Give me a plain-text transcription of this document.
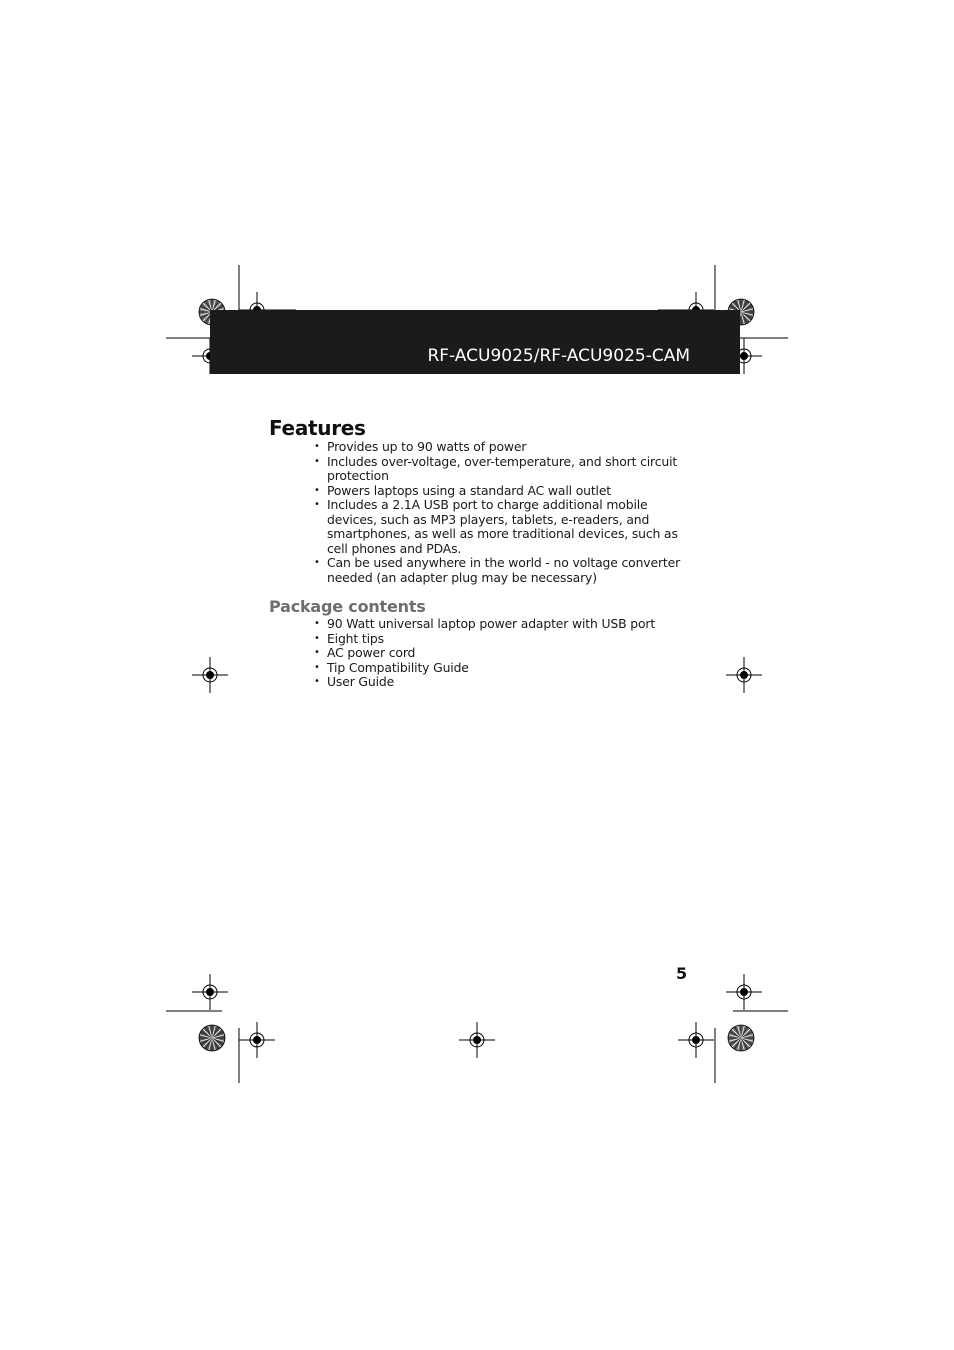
RF-ACU9025/RF-ACU9025-CAM
Features
• Provides up to 90 watts of power
• Includes over-voltage, over-temperature, and short circuit protection
• Powers laptops using a standard AC wall outlet
• Includes a 2.1A USB port to charge additional mobile devices, such as MP3 players, tablets, e-readers, and smartphones, as well as more traditional devices, such as cell phones and PDAs.
• Can be used anywhere in the world - no voltage converter needed (an adapter plug may be necessary)
Package contents
• 90 Watt universal laptop power adapter with USB port
• Eight tips
• AC power cord
• Tip Compatibility Guide
• User Guide
5
